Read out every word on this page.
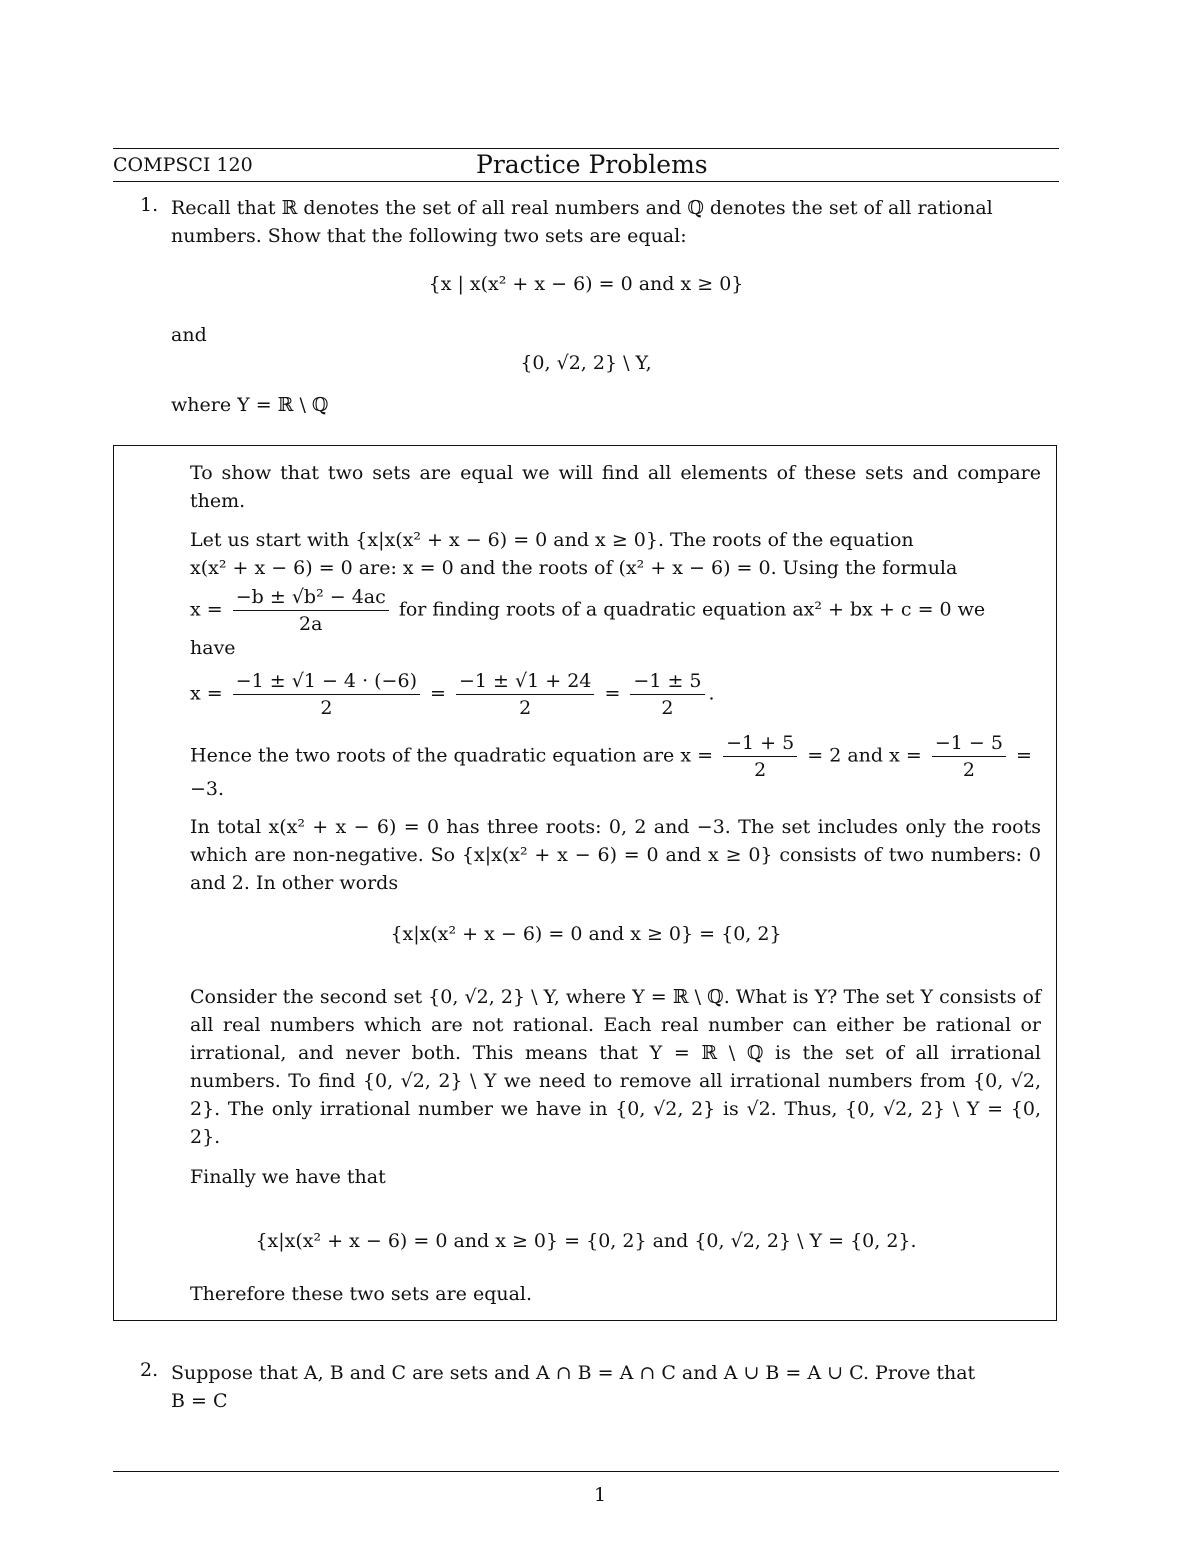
COMPSCI 120	Practice Problems
1. Recall that ℝ denotes the set of all real numbers and ℚ denotes the set of all rational
numbers. Show that the following two sets are equal:
{x | x(x² + x − 6) = 0 and x ≥ 0}
and
{0, √2, 2} \ Y,
where Y = ℝ \ ℚ
To show that two sets are equal we will find all elements of these sets and compare them.
Let us start with {x|x(x² + x − 6) = 0 and x ≥ 0}. The roots of the equation
x(x² + x − 6) = 0 are: x = 0 and the roots of (x² + x − 6) = 0. Using the formula
$x = \frac{\text{−b ± √b² − 4ac}}{2a}$ for finding roots of a quadratic equation ax² + bx + c = 0 we
have
$x = \frac{-1 \pm √1 - 4 \cdot (-6)}{2} = \frac{-1 \pm √1 + 24}{2} = \frac{-1 \pm 5}{2}$ .
Hence the two roots of the quadratic equation are $x = \frac{-1 + 5}{2} = 2$ and $x = \frac{-1 - 5}{2}$ =
−3.
In total x(x² + x − 6) = 0 has three roots: 0, 2 and −3. The set includes only the roots which are non-negative. So {x|x(x² + x − 6) = 0 and x ≥ 0} consists of two numbers: 0 and 2. In other words
{x|x(x² + x − 6) = 0 and x ≥ 0} = {0, 2}
Consider the second set {0, √2, 2} \ Y, where Y = ℝ \ ℚ. What is Y? The set Y consists of all real numbers which are not rational. Each real number can either be rational or irrational, and never both. This means that Y = ℝ \ ℚ is the set of all irrational numbers. To find {0, √2, 2} \ Y we need to remove all irrational numbers from {0, √2, 2}. The only irrational number we have in {0, √2, 2} is √2. Thus, {0, √2, 2} \ Y = {0, 2}.
Finally we have that
{x|x(x² + x − 6) = 0 and x ≥ 0} = {0, 2} and {0, √2, 2} \ Y = {0, 2}.
Therefore these two sets are equal.
2. Suppose that A, B and C are sets and A ∩ B = A ∩ C and A ∪ B = A ∪ C. Prove that
B = C
1
